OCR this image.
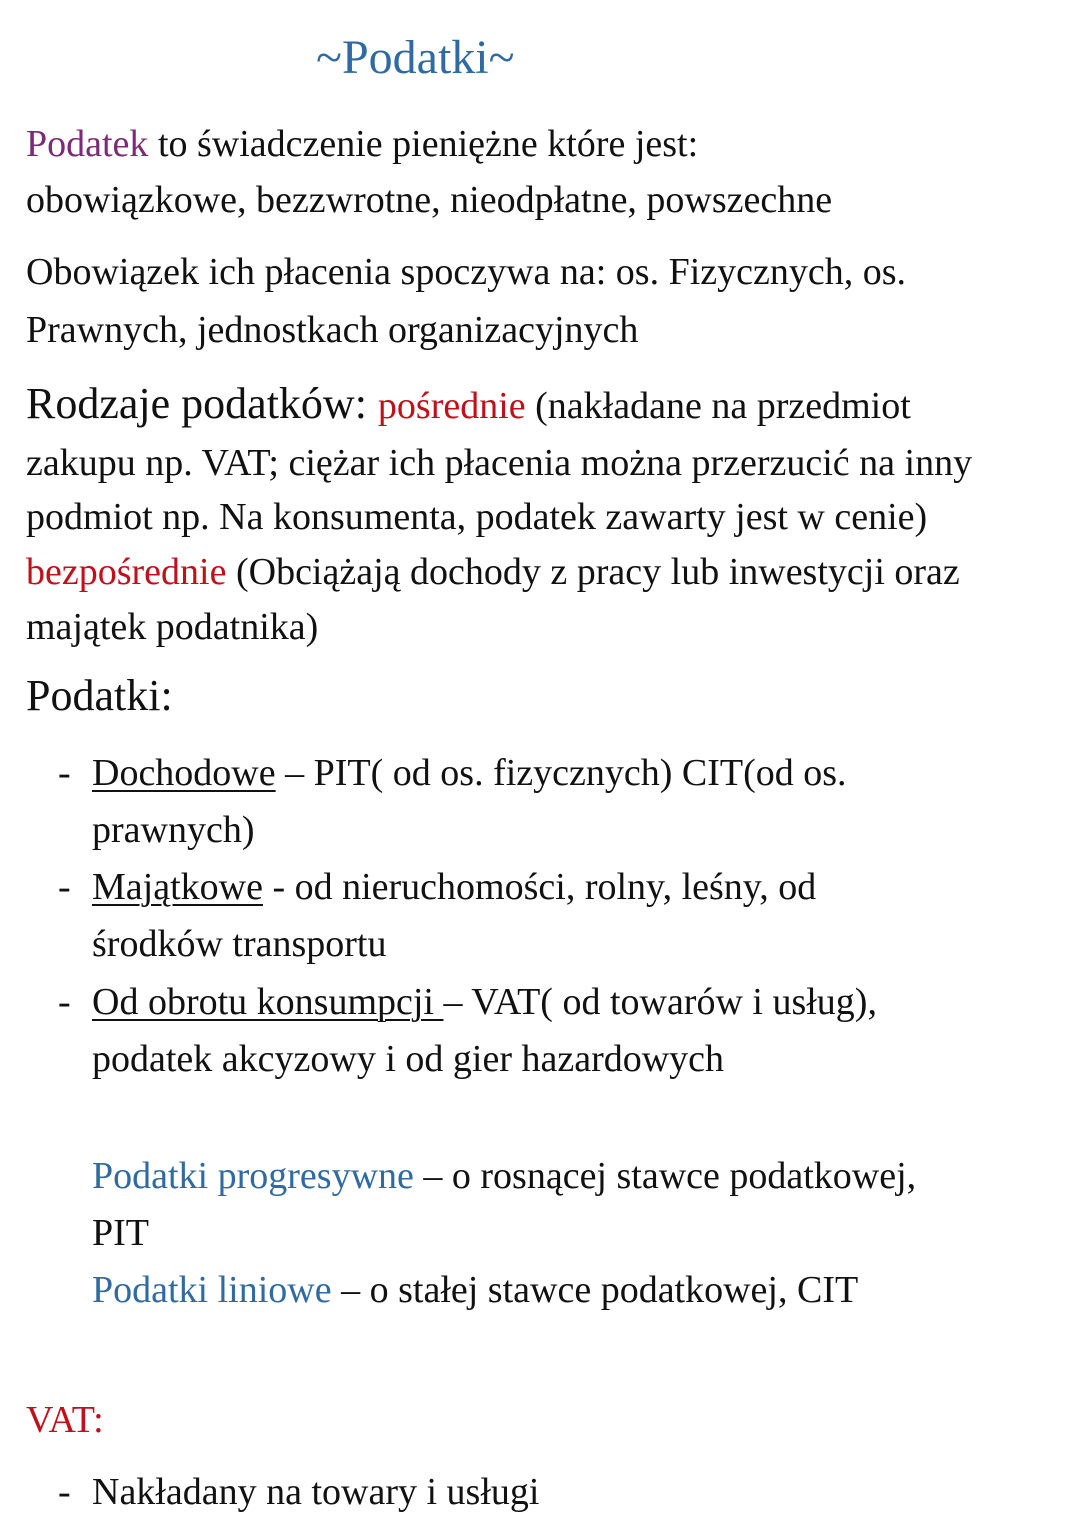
~Podatki~
Podatek to świadczenie pieniężne które jest:
obowiązkowe, bezzwrotne, nieodpłatne, powszechne
Obowiązek ich płacenia spoczywa na: os. Fizycznych, os.
Prawnych, jednostkach organizacyjnych
Rodzaje podatków: pośrednie (nakładane na przedmiot
zakupu np. VAT; ciężar ich płacenia można przerzucić na inny
podmiot np. Na konsumenta, podatek zawarty jest w cenie)
bezpośrednie (Obciążają dochody z pracy lub inwestycji oraz
majątek podatnika)
Podatki:
- Dochodowe – PIT( od os. fizycznych) CIT(od os.
prawnych)
- Majątkowe - od nieruchomości, rolny, leśny, od
środków transportu
- Od obrotu konsumpcji – VAT( od towarów i usług),
podatek akcyzowy i od gier hazardowych
Podatki progresywne – o rosnącej stawce podatkowej,
PIT
Podatki liniowe – o stałej stawce podatkowej, CIT
VAT:
- Nakładany na towary i usługi
